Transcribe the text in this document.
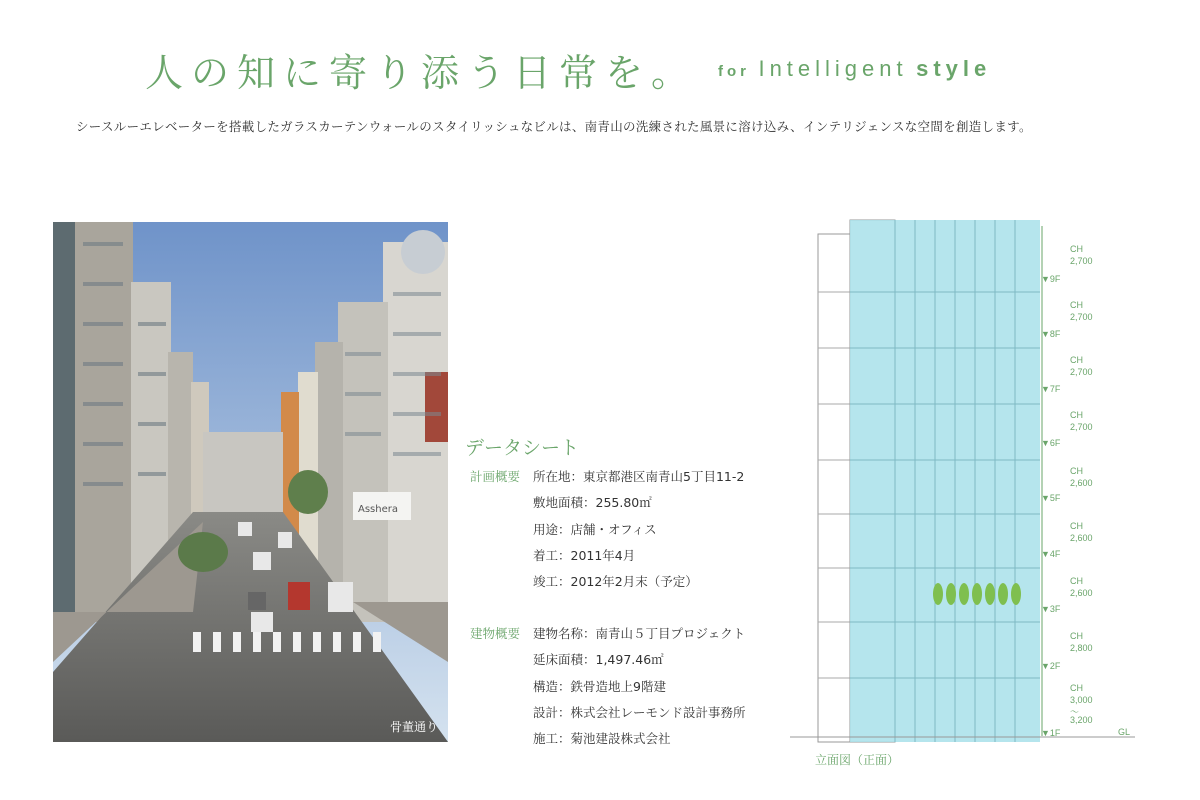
人の知に寄り添う日常を。 for Intelligent style
シースルーエレベーターを搭載したガラスカーテンウォールのスタイリッシュなビルは、南青山の洗練された風景に溶け込み、インテリジェンスな空間を創造します。
Asshera
骨董通り
データシート
計画概要 所在地：東京都港区南青山5丁目11-2
敷地面積：255.80㎡
用途：店舗・オフィス
着工：2011年4月
竣工：2012年2月末（予定）
建物概要 建物名称：南青山５丁目プロジェクト
延床面積：1,497.46㎡
構造：鉄骨造地上9階建
設計：株式会社レーモンド設計事務所
施工：菊池建設株式会社
CH
2,700
▼9F
CH
2,700
▼8F
CH
2,700
▼7F
CH
2,700
▼6F
CH
2,600
▼5F
CH
2,600
▼4F
CH
2,600
▼3F
CH
2,800
▼2F
CH
3,000
～
3,200
▼1F	GL
立面図（正面）
